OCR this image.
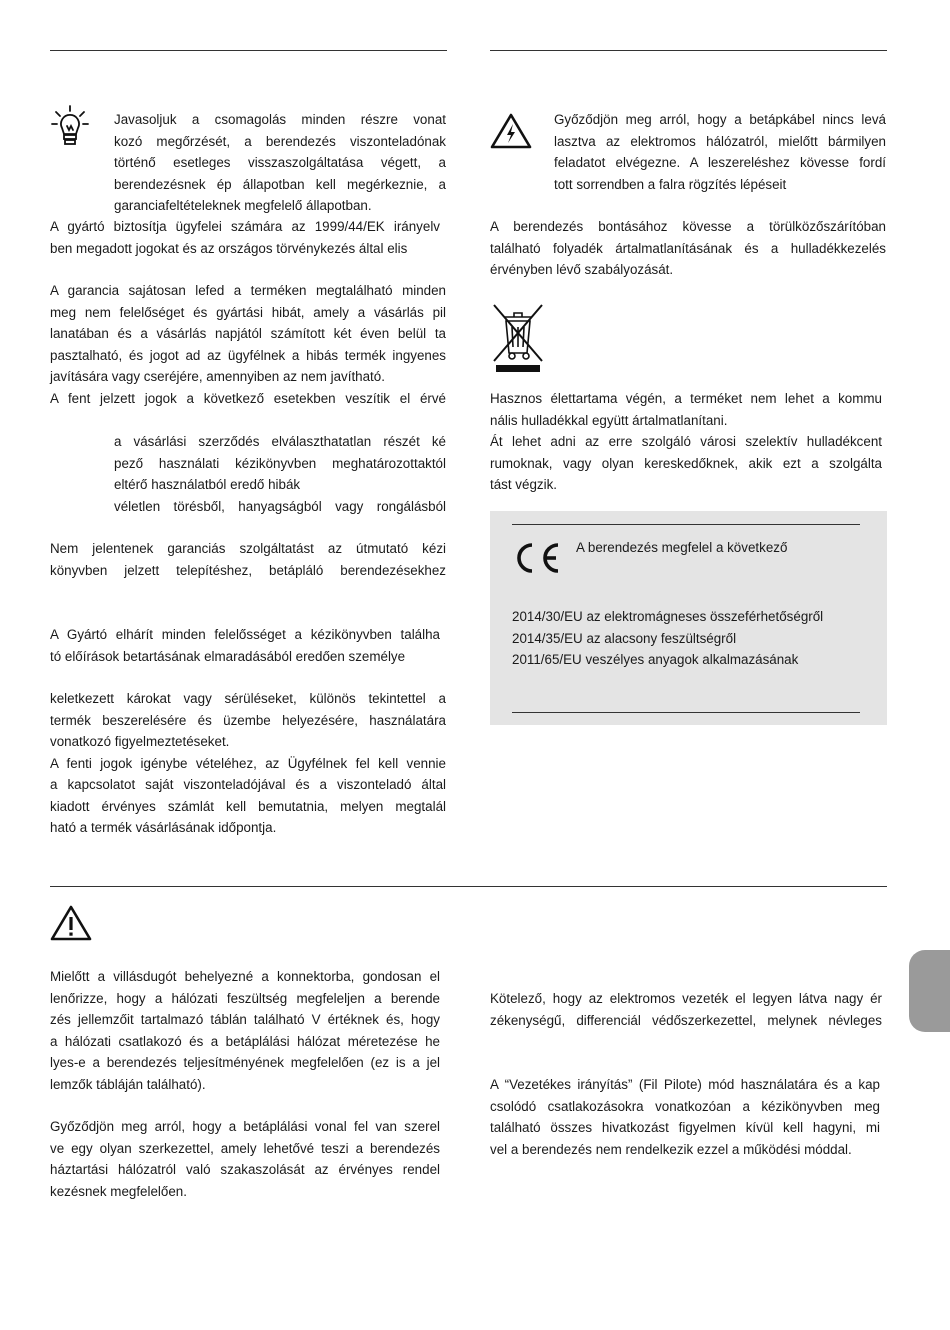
Javasoljuk a csomagolás minden részre vonat
kozó megőrzését, a berendezés viszonteladónak
történő esetleges visszaszolgáltatása végett, a
berendezésnek ép állapotban kell megérkeznie, a
garanciafeltételeknek megfelelő állapotban.
A gyártó biztosítja ügyfelei számára az 1999/44/EK irányelv
ben megadott jogokat és az országos törvénykezés által elis
A garancia sajátosan lefed a terméken megtalálható minden
meg nem felelőséget és gyártási hibát, amely a vásárlás pil
lanatában és a vásárlás napjától számított két éven belül ta
pasztalható, és jogot ad az ügyfélnek a hibás termék ingyenes
javítására vagy cseréjére, amennyiben az nem javítható.
A fent jelzett jogok a következő esetekben veszítik el érvé
a vásárlási szerződés elválaszthatatlan részét ké
pező használati kézikönyvben meghatározottaktól
eltérő használatból eredő hibák
véletlen törésből, hanyagságból vagy rongálásból
Nem jelentenek garanciás szolgáltatást az útmutató kézi
könyvben jelzett telepítéshez, betápláló berendezésekhez
A Gyártó elhárít minden felelősséget a kézikönyvben találha
tó előírások betartásának elmaradásából eredően személye
keletkezett károkat vagy sérüléseket, különös tekintettel a
termék beszerelésére és üzembe helyezésére, használatára
vonatkozó figyelmeztetéseket.
A fenti jogok igénybe vételéhez, az Ügyfélnek fel kell vennie
a kapcsolatot saját viszonteladójával és a viszonteladó által
kiadott érvényes számlát kell bemutatnia, melyen megtalál
ható a termék vásárlásának időpontja.
Győződjön meg arról, hogy a betápkábel nincs levá
lasztva az elektromos hálózatról, mielőtt bármilyen
feladatot elvégezne. A leszereléshez kövesse fordí
tott sorrendben a falra rögzítés lépéseit
A berendezés bontásához kövesse a törülközőszárítóban
található folyadék ártalmatlanításának és a hulladékkezelés
érvényben lévő szabályozását.
Hasznos élettartama végén, a terméket nem lehet a kommu
nális hulladékkal együtt ártalmatlanítani.
Át lehet adni az erre szolgáló városi szelektív hulladékcent
rumoknak, vagy olyan kereskedőknek, akik ezt a szolgálta
tást végzik.
A berendezés megfelel a következő
2014/30/EU az elektromágneses összeférhetőségről
2014/35/EU az alacsony feszültségről
2011/65/EU veszélyes anyagok alkalmazásának
Mielőtt a villásdugót behelyezné a konnektorba, gondosan el
lenőrizze, hogy a hálózati feszültség megfeleljen a berende
zés jellemzőit tartalmazó táblán található V értéknek és, hogy
a hálózati csatlakozó és a betáplálási hálózat méretezése he
lyes-e a berendezés teljesítményének megfelelően (ez is a jel
lemzők tábláján található).
Győződjön meg arról, hogy a betáplálási vonal fel van szerel
ve egy olyan szerkezettel, amely lehetővé teszi a berendezés
háztartási hálózatról való szakaszolását az érvényes rendel
kezésnek megfelelően.
Kötelező, hogy az elektromos vezeték el legyen látva nagy ér
zékenységű, differenciál védőszerkezettel, melynek névleges
A “Vezetékes irányítás” (Fil Pilote) mód használatára és a kap
csolódó csatlakozásokra vonatkozóan a kézikönyvben meg
található összes hivatkozást figyelmen kívül kell hagyni, mi
vel a berendezés nem rendelkezik ezzel a működési móddal.
